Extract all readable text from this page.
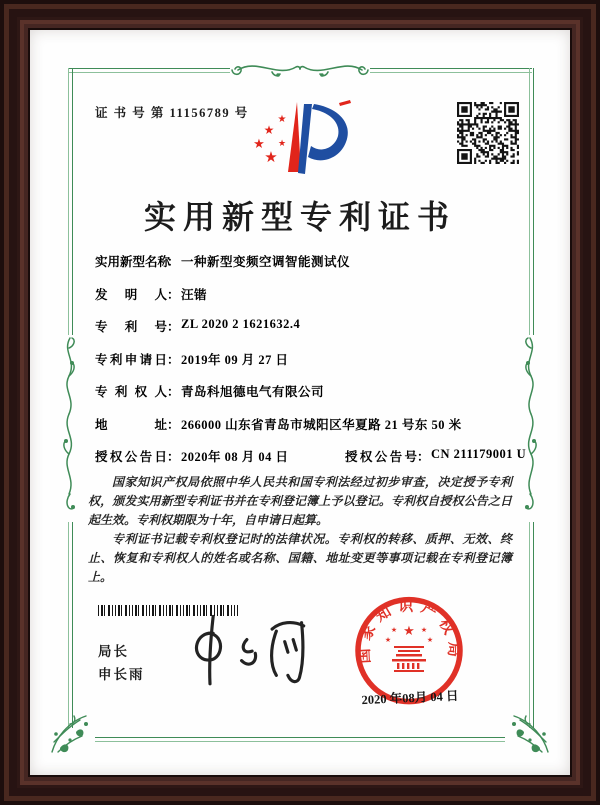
证 书 号 第 11156789 号	★
★
★ ★
★
实用新型专利证书
实用新型名称：一种新型变频空调智能测试仪
发明人：汪锴
专利号：ZL 2020 2 1621632.4
专利申请日：2019年 09 月 27 日
专利权人：青岛科旭德电气有限公司
地址：266000 山东省青岛市城阳区华夏路 21 号东 50 米
授权公告日：2020年 08 月 04 日	授权公告号：CN 211179001 U

国家知识产权局依照中华人民共和国专利法经过初步审查，决定授予专利权，颁发实用新型专利证书并在专利登记簿上予以登记。专利权自授权公告之日起生效。专利权期限为十年，自申请日起算。

专利证书记载专利权登记时的法律状况。专利权的转移、质押、无效、终止、恢复和专利权人的姓名或名称、国籍、地址变更等事项记载在专利登记簿上。

局长
申长雨
国家知识产权局
★
★	★
★	★
2020 年08月 04 日
